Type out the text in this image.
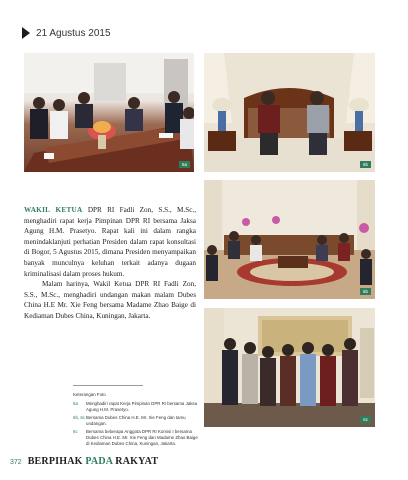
21 Agustus 2015
6a	6b
6b
6c

WAKIL KETUA DPR RI Fadli Zon, S.S., M.Sc., menghadiri rapat kerja Pimpinan DPR RI bersama Jaksa Agung H.M. Prasetyo. Rapat kali ini dalam rangka menindaklanjuti perhatian Presiden dalam rapat konsultasi di Bogor, 5 Agustus 2015, dimana Presiden menyampaikan banyak munculnya keluhan terkait adanya dugaan kriminalisasi dalam proses hukum.

Malam harinya, Wakil Ketua DPR RI Fadli Zon, S.S., M.Sc., menghadiri undangan makan malam Dubes China H.E Mr. Xie Feng bersama Madame Zhao Baige di Kediaman Dubes China, Kuningan, Jakarta.

Keterangan Foto
6a	Menghadiri rapat Kerja Pimpinan DPR RI bersama Jaksa Agung H.M. Prasetyo.
6b, 6c Bersama Dubes China H.E. Mr. Xie Feng dan tamu undangan.
6c	Bersama beberapa Anggota DPR RI Komisi I bersama Dubes China H.E. Mr. Xie Feng dan Madame Zhao Baige di Kediaman Dubes China, Kuningan, Jakarta.
372 BERPIHAK PADA RAKYAT
